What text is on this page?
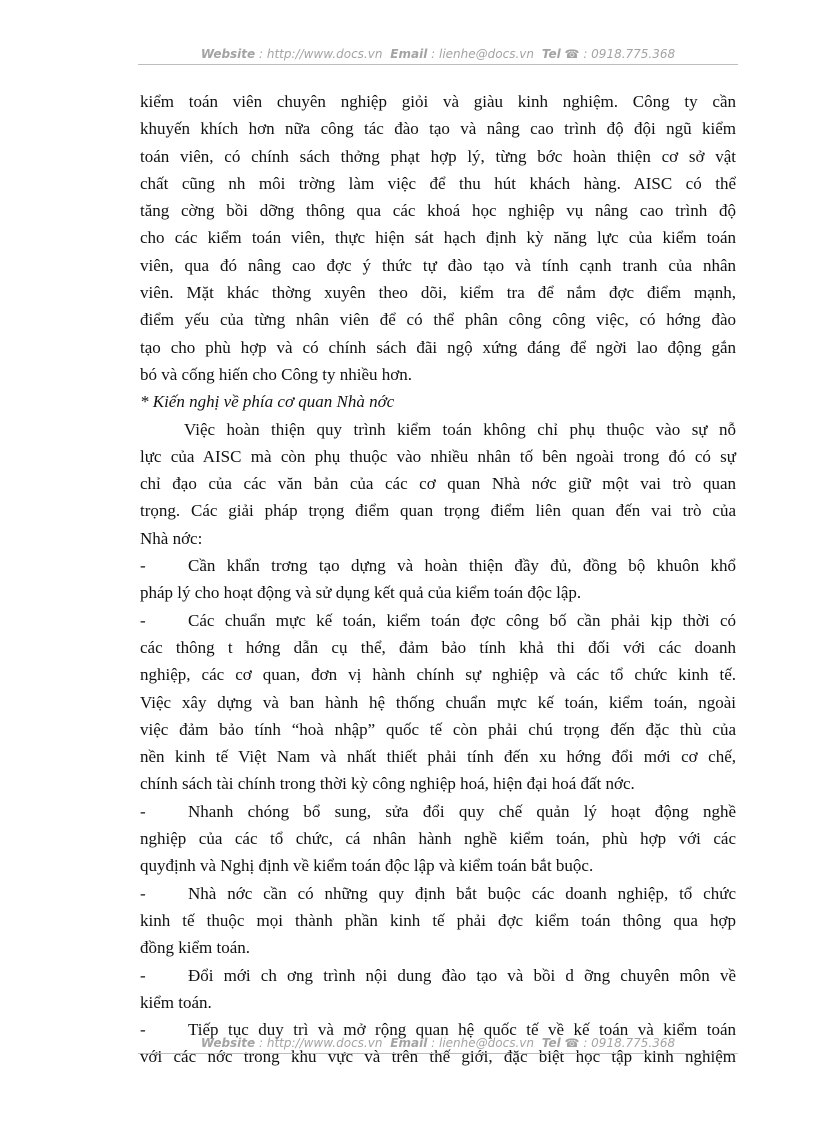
Website : http://www.docs.vn Email : lienhe@docs.vn Tel ☎ : 0918.775.368
kiểm toán viên chuyên nghiệp giỏi và giàu kinh nghiệm. Công ty cần
khuyến khích hơn nữa công tác đào tạo và nâng cao trình độ đội ngũ kiểm
toán viên, có chính sách thởng phạt hợp lý, từng bớc hoàn thiện cơ sở vật
chất cũng nh môi trờng làm việc để thu hút khách hàng. AISC có thể
tăng cờng bồi dỡng thông qua các khoá học nghiệp vụ nâng cao trình độ
cho các kiểm toán viên, thực hiện sát hạch định kỳ năng lực của kiểm toán
viên, qua đó nâng cao đợc ý thức tự đào tạo và tính cạnh tranh của nhân
viên. Mặt khác thờng xuyên theo dõi, kiểm tra để nắm đợc điểm mạnh,
điểm yếu của từng nhân viên để có thể phân công công việc, có hớng đào
tạo cho phù hợp và có chính sách đãi ngộ xứng đáng để ngời lao động gắn
bó và cống hiến cho Công ty nhiều hơn.
* Kiến nghị về phía cơ quan Nhà nớc
Việc hoàn thiện quy trình kiểm toán không chỉ phụ thuộc vào sự nỗ
lực của AISC mà còn phụ thuộc vào nhiều nhân tố bên ngoài trong đó có sự
chỉ đạo của các văn bản của các cơ quan Nhà nớc giữ một vai trò quan
trọng. Các giải pháp trọng điểm quan trọng điểm liên quan đến vai trò của
Nhà nớc:
-	Cần khẩn trơng tạo dựng và hoàn thiện đầy đủ, đồng bộ khuôn khổ
pháp lý cho hoạt động và sử dụng kết quả của kiểm toán độc lập.
-	Các chuẩn mực kế toán, kiểm toán đợc công bố cần phải kịp thời có
các thông t hớng dẫn cụ thể, đảm bảo tính khả thi đối với các doanh
nghiệp, các cơ quan, đơn vị hành chính sự nghiệp và các tổ chức kinh tế.
Việc xây dựng và ban hành hệ thống chuẩn mực kế toán, kiểm toán, ngoài
việc đảm bảo tính “hoà nhập” quốc tế còn phải chú trọng đến đặc thù của
nền kinh tế Việt Nam và nhất thiết phải tính đến xu hớng đổi mới cơ chế,
chính sách tài chính trong thời kỳ công nghiệp hoá, hiện đại hoá đất nớc.
-	Nhanh chóng bổ sung, sửa đổi quy chế quản lý hoạt động nghề
nghiệp của các tổ chức, cá nhân hành nghề kiểm toán, phù hợp với các
quyđịnh và Nghị định về kiểm toán độc lập và kiểm toán bắt buộc.
-	Nhà nớc cần có những quy định bắt buộc các doanh nghiệp, tổ chức
kinh tế thuộc mọi thành phần kinh tế phải đợc kiểm toán thông qua hợp
đồng kiểm toán.
-	Đổi mới ch ơng trình nội dung đào tạo và bồi d ỡng chuyên môn về
kiểm toán.
-	Tiếp tục duy trì và mở rộng quan hệ quốc tế về kế toán và kiểm toán
với các nớc trong khu vực và trên thế giới, đặc biệt học tập kinh nghiệm
Website : http://www.docs.vn Email : lienhe@docs.vn Tel ☎ : 0918.775.368
